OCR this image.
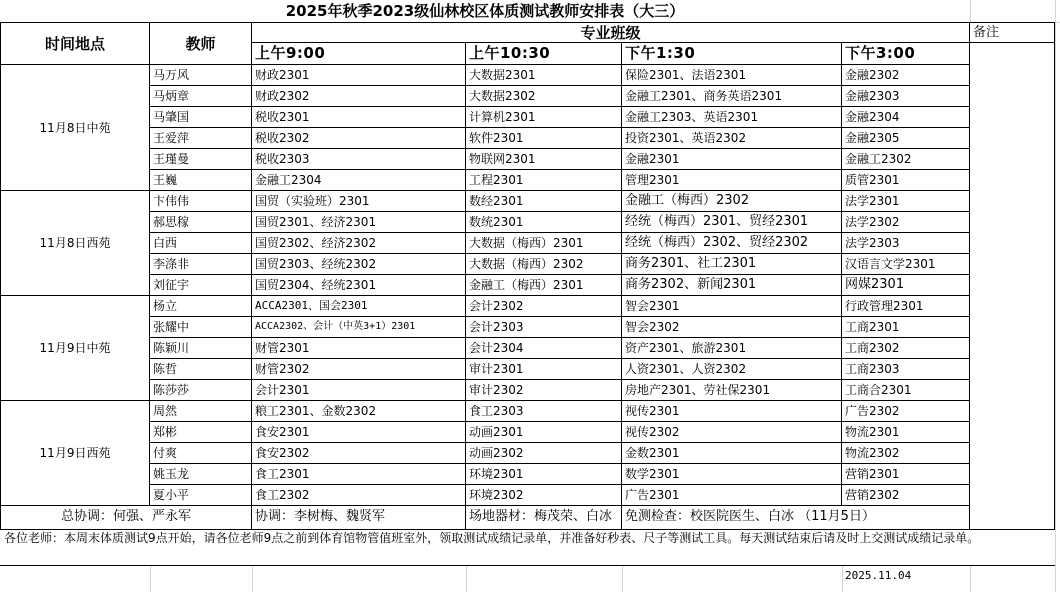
2025年秋季2023级仙林校区体质测试教师安排表（大三）
时间地点	教师
专业班级	备注
上午9:00	上午10:30	下午1:30	下午3:00
11月8日中苑
马万风	财政2301	大数据2301	保险2301、法语2301	金融2302
马炳章	财政2302	大数据2302	金融工2301、商务英语2301	金融2303
马肇国	税收2301	计算机2301	金融工2303、英语2301	金融2304
王爱萍	税收2302	软件2301	投资2301、英语2302	金融2305
王瑾曼	税收2303	物联网2301	金融2301	金融工2302
王巍	金融工2304	工程2301	管理2301	质管2301
11月8日西苑
卞伟伟	国贸（实验班）2301	数经2301	金融工（梅西）2302	法学2301
郝思稼	国贸2301、经济2301	数统2301	经统（梅西）2301、贸经2301	法学2302
白西	国贸2302、经济2302	大数据（梅西）2301	经统（梅西）2302、贸经2302	法学2303
李涤非	国贸2303、经统2302	大数据（梅西）2302	商务2301、社工2301	汉语言文学2301
刘征宇	国贸2304、经统2301	金融工（梅西）2301	商务2302、新闻2301	网媒2301
11月9日中苑
杨立	ACCA2301、国会2301	会计2302	智会2301	行政管理2301
张耀中	ACCA2302、会计（中英3+1）2301	会计2303	智会2302	工商2301
陈颖川	财管2301	会计2304	资产2301、旅游2301	工商2302
陈哲	财管2302	审计2301	人资2301、人资2302	工商2303
陈莎莎	会计2301	审计2302	房地产2301、劳社保2301	工商合2301
11月9日西苑
周然	粮工2301、金数2302	食工2303	视传2301	广告2302
郑彬	食安2301	动画2301	视传2302	物流2301
付爽	食安2302	动画2302	金数2301	物流2302
姚玉龙	食工2301	环境2301	数学2301	营销2301
夏小平	食工2302	环境2302	广告2301	营销2302
总协调：何强、严永军	协调：李树梅、魏贤军	场地器材：梅茂荣、白冰 免测检查：校医院医生、白冰 （11月5日）
各位老师：本周末体质测试9点开始，请各位老师9点之前到体育馆物管值班室外，领取测试成绩记录单，并准备好秒表、尺子等测试工具。每天测试结束后请及时上交测试成绩记录单。
2025.11.04
